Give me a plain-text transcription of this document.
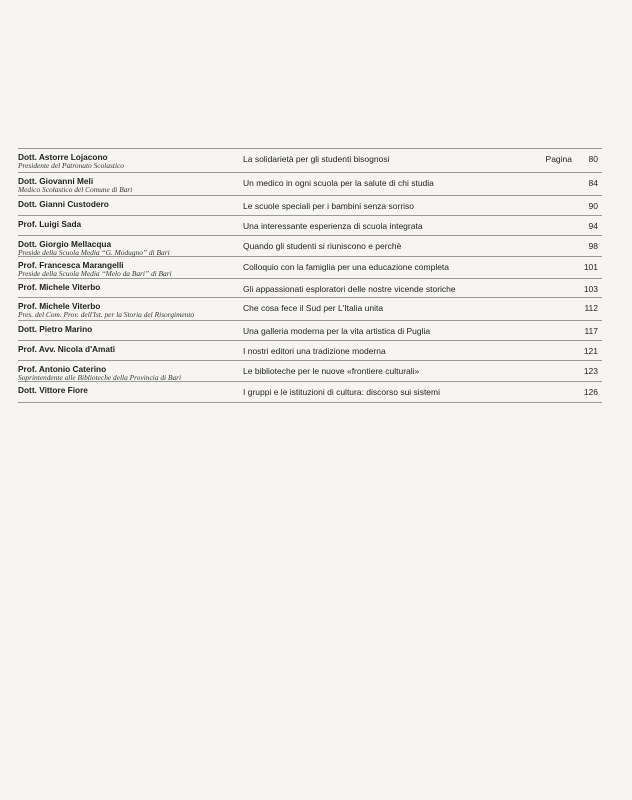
Dott. Astorre Lojacono
Presidente del Patronato Scolastico
La solidarietà per gli studenti bisognosi	Pagina 80
Dott. Giovanni Meli
Medico Scolastico del Comune di Bari
Un medico in ogni scuola per la salute di chi studia	84
Dott. Gianni Custodero	Le scuole speciali per i bambini senza sorriso	90
Prof. Luigi Sada	Una interessante esperienza di scuola integrata	94
Dott. Giorgio Mellacqua
Preside della Scuola Media “G. Modugno” di Bari
Quando gli studenti si riuniscono e perchè	98
Prof. Francesca Marangelli
Preside della Scuola Media “Melo da Bari” di Bari
Colloquio con la famiglia per una educazione completa	101
Prof. Michele Viterbo	Gli appassionati esploratori delle nostre vicende storiche	103
Prof. Michele Viterbo
Pres. del Com. Prov. dell'Ist. per la Storia del Risorgimento
Che cosa fece il Sud per L'Italia unita	112
Dott. Pietro Marino	Una galleria moderna per la vita artistica di Puglia	117
Prof. Avv. Nicola d'Amati	I nostri editori una tradizione moderna	121
Prof. Antonio Caterino
Soprintendente alle Biblioteche della Provincia di Bari
Le biblioteche per le nuove «frontiere culturali»	123
Dott. Vittore Fiore	I gruppi e le istituzioni di cultura: discorso sui sistemi	126
